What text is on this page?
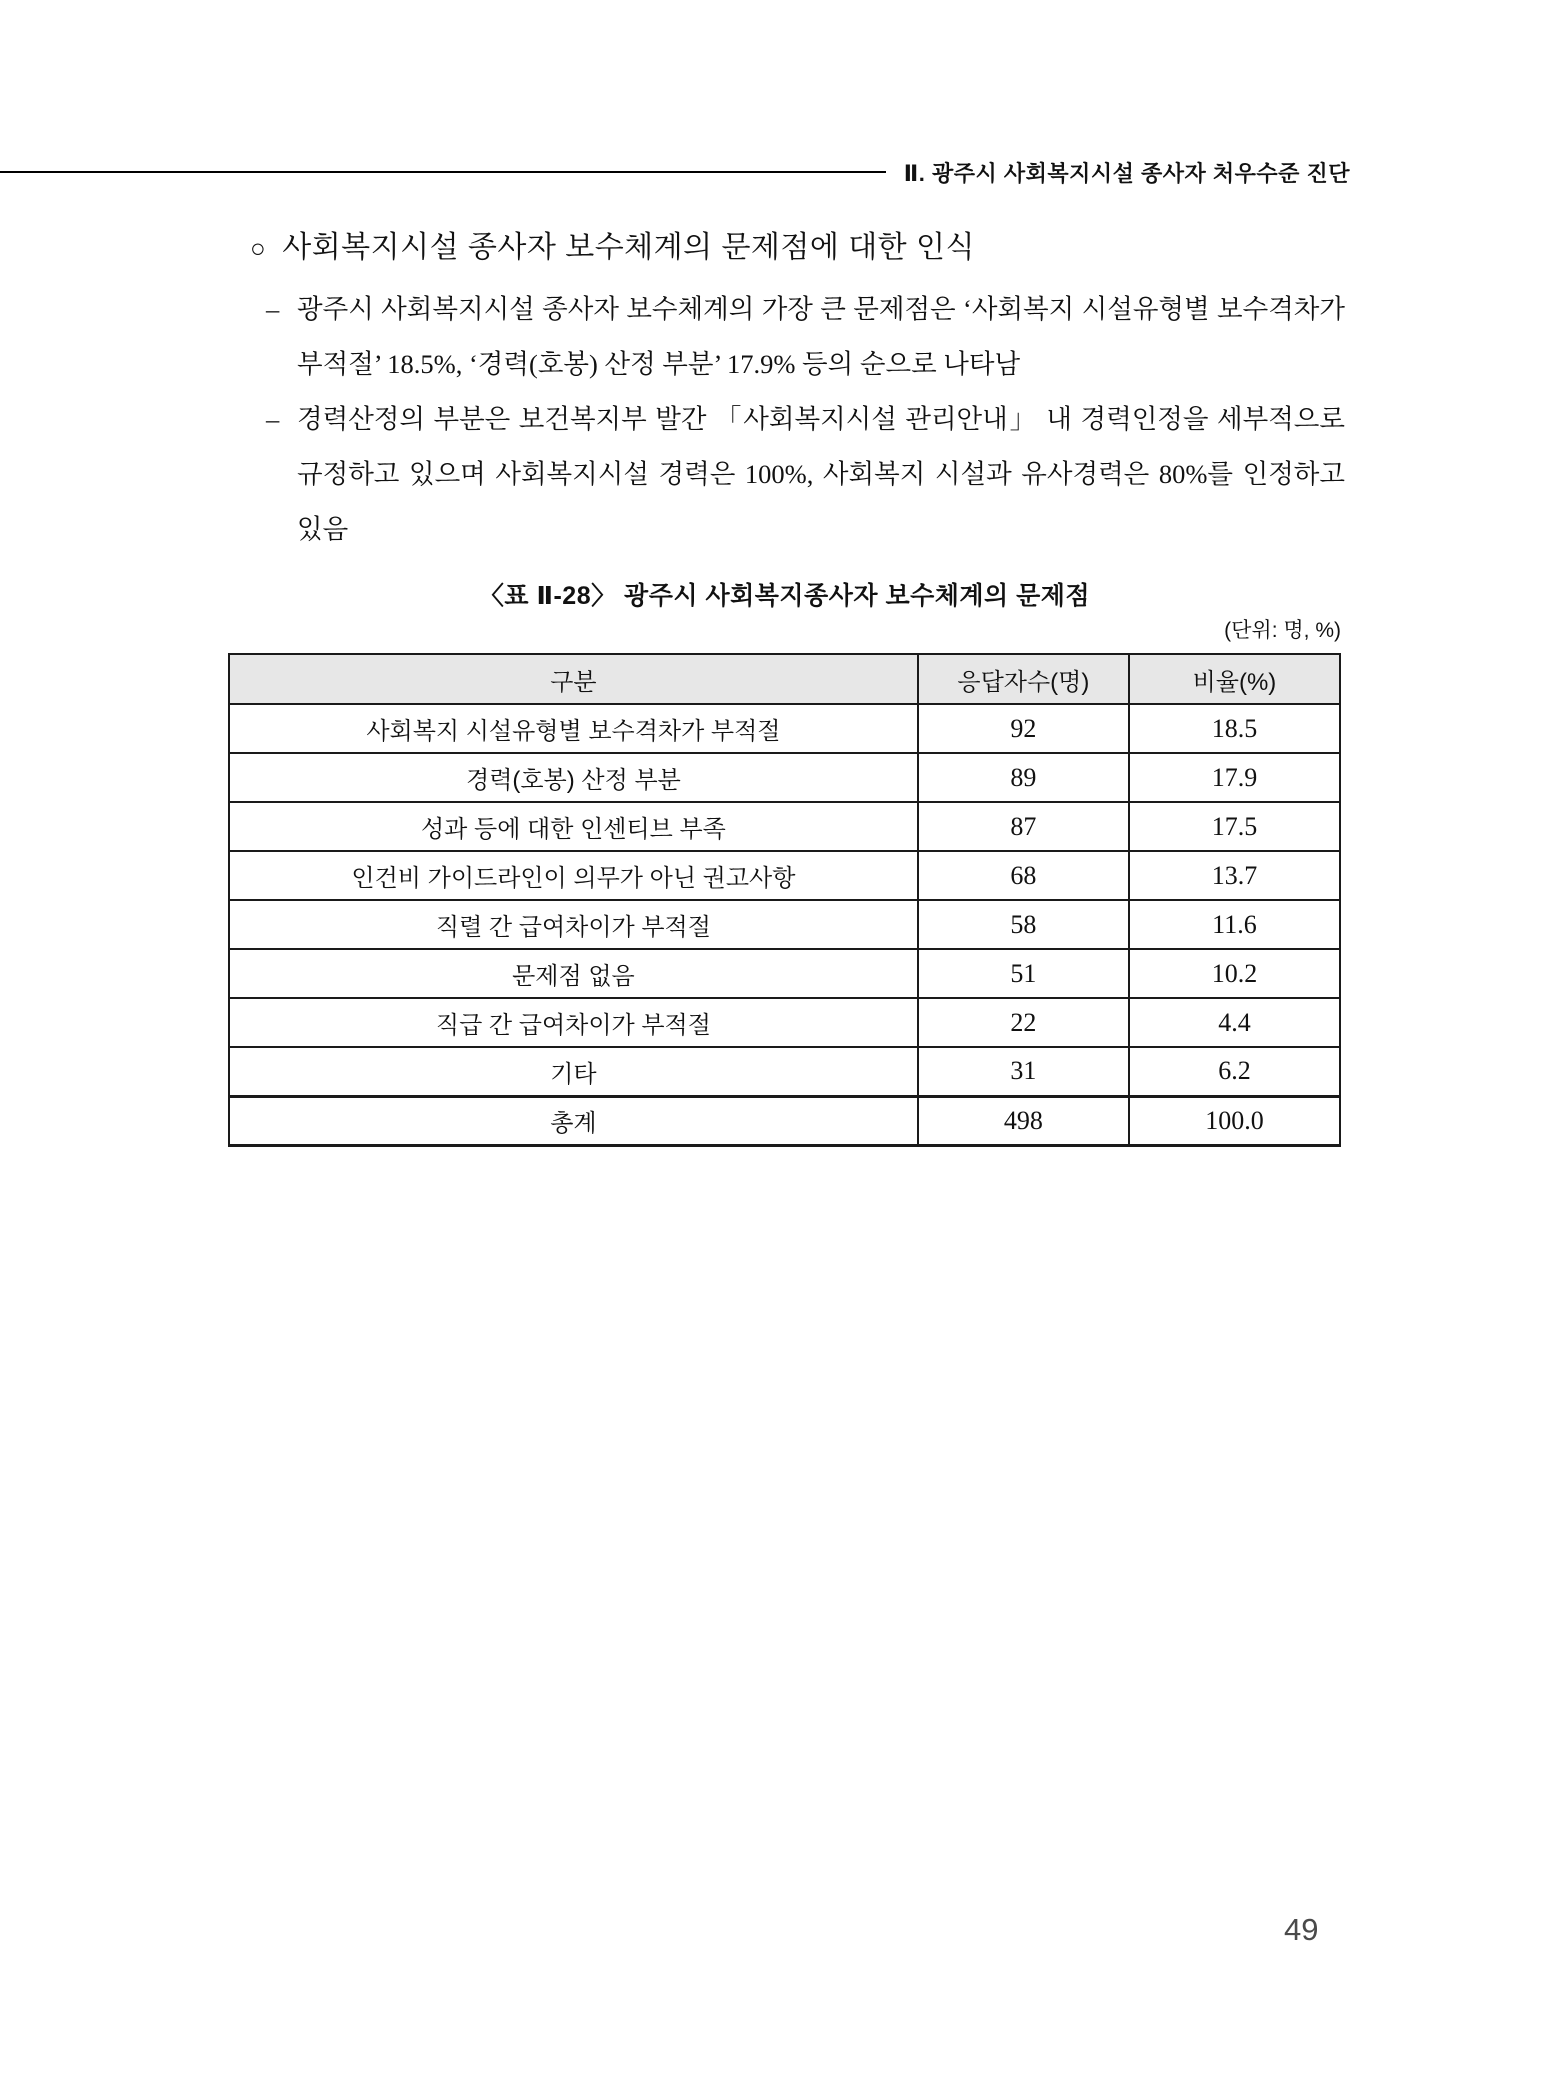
Ⅱ. 광주시 사회복지시설 종사자 처우수준 진단
○ 사회복지시설 종사자 보수체계의 문제점에 대한 인식
– 광주시 사회복지시설 종사자 보수체계의 가장 큰 문제점은 ‘사회복지 시설유형별 보수격차가 부적절’ 18.5%, ‘경력(호봉) 산정 부분’ 17.9% 등의 순으로 나타남
– 경력산정의 부분은 보건복지부 발간 「사회복지시설 관리안내」 내 경력인정을 세부적으로 규정하고 있으며 사회복지시설 경력은 100%, 사회복지 시설과 유사경력은 80%를 인정하고 있음
〈표 Ⅱ-28〉 광주시 사회복지종사자 보수체계의 문제점
(단위: 명, %)
구분	응답자수(명)	비율(%)
사회복지 시설유형별 보수격차가 부적절	92	18.5
경력(호봉) 산정 부분	89	17.9
성과 등에 대한 인센티브 부족	87	17.5
인건비 가이드라인이 의무가 아닌 권고사항	68	13.7
직렬 간 급여차이가 부적절	58	11.6
문제점 없음	51	10.2
직급 간 급여차이가 부적절	22	4.4
기타	31	6.2
총계	498	100.0
49
